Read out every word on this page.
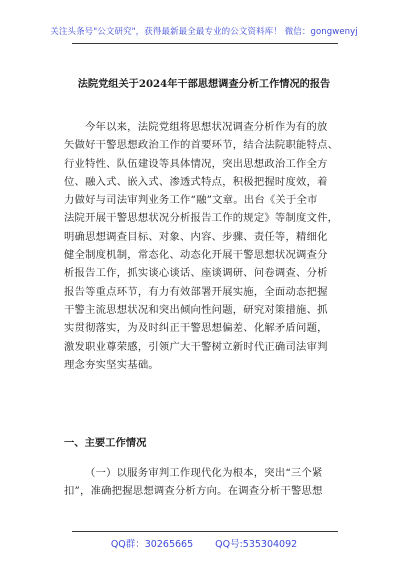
关注头条号"公文研究"，获得最新最全最专业的公文资料库！ 微信：gongwenyj
法院党组关于2024年干部思想调查分析工作情况的报告
今年以来，法院党组将思想状况调查分析作为有的放
矢做好干警思想政治工作的首要环节，结合法院职能特点、
行业特性、队伍建设等具体情况，突出思想政治工作全方
位、融入式、嵌入式、渗透式特点，积极把握时度效，着
力做好与司法审判业务工作“融”文章。出台《关于全市
法院开展干警思想状况分析报告工作的规定》等制度文件，
明确思想调查目标、对象、内容、步骤、责任等，精细化
健全制度机制，常态化、动态化开展干警思想状况调查分
析报告工作，抓实谈心谈话、座谈调研、问卷调查、分析
报告等重点环节，有力有效部署开展实施，全面动态把握
干警主流思想状况和突出倾向性问题，研究对策措施、抓
实贯彻落实，为及时纠正干警思想偏差、化解矛盾问题，
激发职业尊荣感，引领广大干警树立新时代正确司法审判
理念夯实坚实基础。
一、主要工作情况
（一）以服务审判工作现代化为根本，突出“三个紧
扣”，准确把握思想调查分析方向。在调查分析干警思想
QQ群：30265665 QQ号:535304092
